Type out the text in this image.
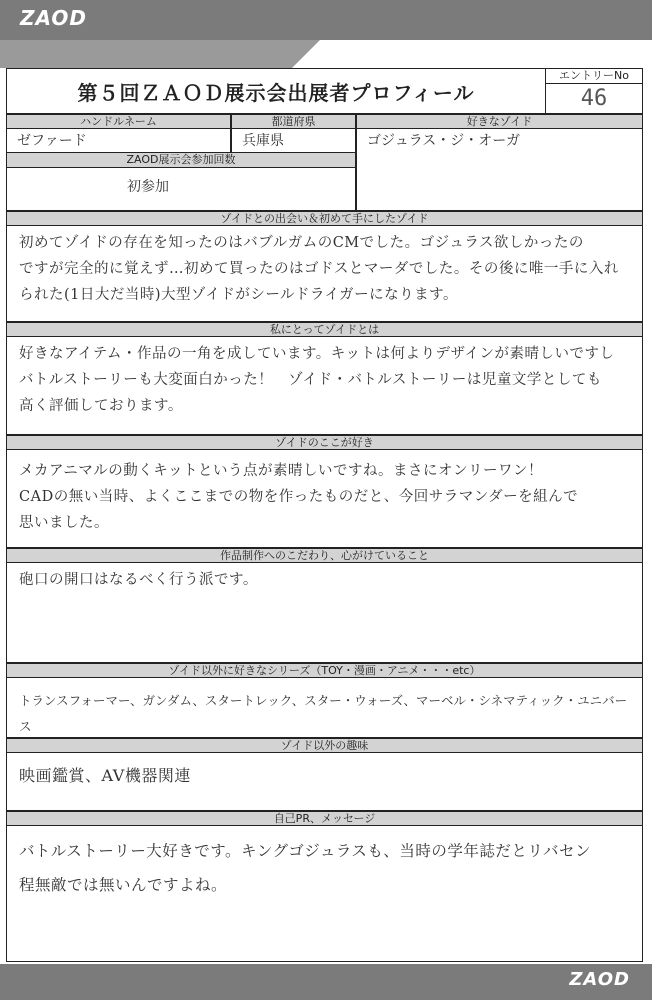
ZAOD
第５回ＺＡＯＤ展示会出展者プロフィール
エントリーNo
46
ハンドルネーム
ゼファード
都道府県
兵庫県
好きなゾイド
ゴジュラス・ジ・オーガ
ZAOD展示会参加回数
初参加
ゾイドとの出会い＆初めて手にしたゾイド

初めてゾイドの存在を知ったのはバブルガムのCMでした。ゴジュラス欲しかったの

ですが完全的に覚えず…初めて買ったのはゴドスとマーダでした。その後に唯一手に入れ

られた(1日大だ当時)大型ゾイドがシールドライガーになります。

私にとってゾイドとは

好きなアイテム・作品の一角を成しています。キットは何よりデザインが素晴しいですし

バトルストーリーも大変面白かった！　ゾイド・バトルストーリーは児童文学としても

高く評価しております。

ゾイドのここが好き

メカアニマルの動くキットという点が素晴しいですね。まさにオンリーワン！

CADの無い当時、よくここまでの物を作ったものだと、今回サラマンダーを組んで

思いました。

作品制作へのこだわり、心がけていること

砲口の開口はなるべく行う派です。

ゾイド以外に好きなシリーズ（TOY・漫画・アニメ・・・etc）

トランスフォーマー、ガンダム、スタートレック、スター・ウォーズ、マーベル・シネマティック・ユニバース

ゾイド以外の趣味

映画鑑賞、AV機器関連

自己PR、メッセージ

バトルストーリー大好きです。キングゴジュラスも、当時の学年誌だとリバセン

程無敵では無いんですよね。

ZAOD
